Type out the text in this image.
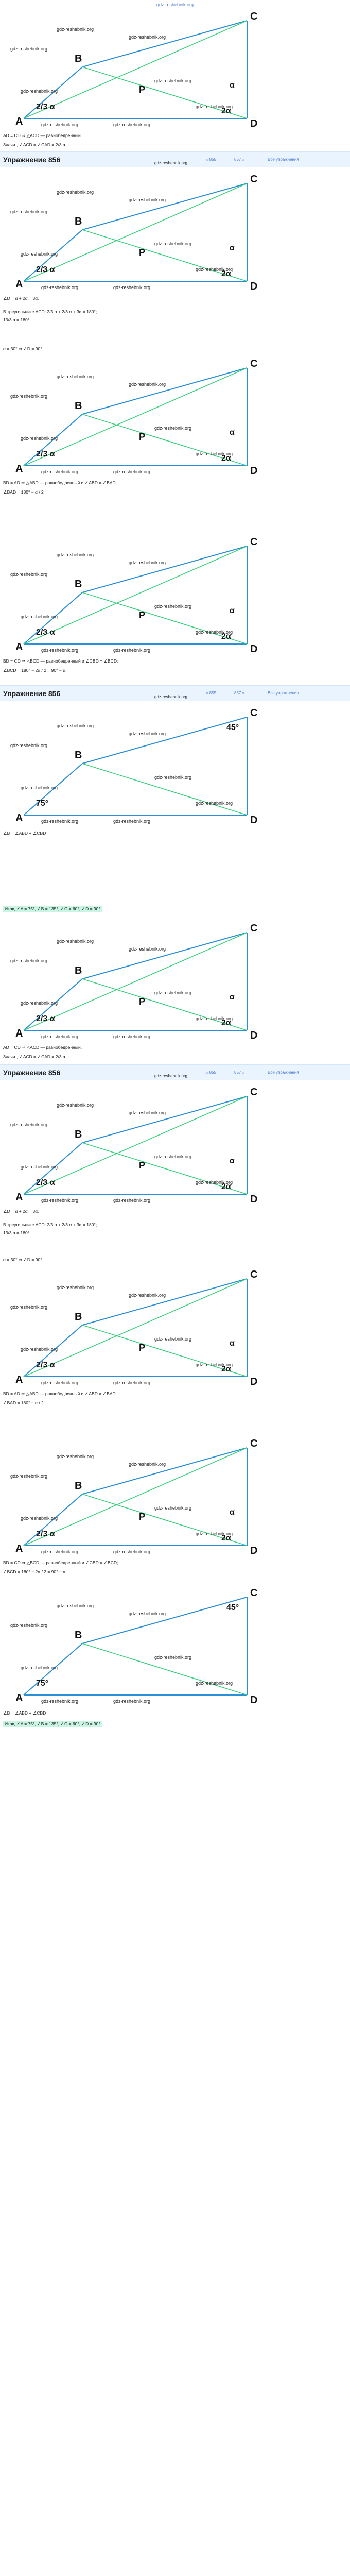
gdz-reshebnik.org
A
B
C
D
P
2/3 α	2α
α
gdz-reshebnik.org
gdz-reshebnik.org
gdz-reshebnik.org
gdz-reshebnik.org
gdz-reshebnik.org
gdz-reshebnik.org
gdz-reshebnik.org	gdz-reshebnik.org
AD = CD ⇒ △ACD — равнобедренный.
Значит, ∠ACD = ∠CAD = 2/3 α
Упражнение 856	« 855	857 »	Все упражнения
gdz-reshebnik.org
A
B
C
D
P
2/3 α	2α
α
gdz-reshebnik.org
gdz-reshebnik.org
gdz-reshebnik.org
gdz-reshebnik.org
gdz-reshebnik.org
gdz-reshebnik.org
gdz-reshebnik.org	gdz-reshebnik.org
∠D = α + 2α = 3α.
В треугольнике ACD: 2/3 α + 2/3 α + 3α = 180°;
13/3 α = 180°;
α = 30° ⇒ ∠D = 90°.
A
B
C
D
P
2/3 α	2α
α
gdz-reshebnik.org
gdz-reshebnik.org
gdz-reshebnik.org
gdz-reshebnik.org
gdz-reshebnik.org
gdz-reshebnik.org
gdz-reshebnik.org	gdz-reshebnik.org
BD = AD ⇒ △ABD — равнобедренный и ∠ABD = ∠BAD.
∠BAD = 180° − α / 2
A
B
C
D
P
2/3 α	2α
α
gdz-reshebnik.org
gdz-reshebnik.org
gdz-reshebnik.org
gdz-reshebnik.org
gdz-reshebnik.org
gdz-reshebnik.org
gdz-reshebnik.org	gdz-reshebnik.org
BD = CD ⇒ △BCD — равнобедренный и ∠CBD = ∠BCD;
∠BCD = 180° − 2α / 2 = 90° − α.
Упражнение 856	« 855	857 »	Все упражнения
gdz-reshebnik.org
A
B
C
D
75°
45°
gdz-reshebnik.org
gdz-reshebnik.org
gdz-reshebnik.org
gdz-reshebnik.org
gdz-reshebnik.org
gdz-reshebnik.org
gdz-reshebnik.org	gdz-reshebnik.org
∠B = ∠ABD + ∠CBD
Итак, ∠A = 75°, ∠B = 135°, ∠C = 60°, ∠D = 90°
A
B
C
D
P
2/3 α	2α
α
gdz-reshebnik.org
gdz-reshebnik.org
gdz-reshebnik.org
gdz-reshebnik.org
gdz-reshebnik.org
gdz-reshebnik.org
gdz-reshebnik.org	gdz-reshebnik.org
AD = CD ⇒ △ACD — равнобедренный.
Значит, ∠ACD = ∠CAD = 2/3 α
Упражнение 856	« 855	857 »	Все упражнения
gdz-reshebnik.org
A
B
C
D
P
2/3 α	2α
α
gdz-reshebnik.org
gdz-reshebnik.org
gdz-reshebnik.org
gdz-reshebnik.org
gdz-reshebnik.org
gdz-reshebnik.org
gdz-reshebnik.org	gdz-reshebnik.org
∠D = α + 2α = 3α.
В треугольнике ACD: 2/3 α + 2/3 α + 3α = 180°;
13/3 α = 180°;
α = 30° ⇒ ∠D = 90°.
A
B
C
D
P
2/3 α	2α
α
gdz-reshebnik.org
gdz-reshebnik.org
gdz-reshebnik.org
gdz-reshebnik.org
gdz-reshebnik.org
gdz-reshebnik.org
gdz-reshebnik.org	gdz-reshebnik.org
BD = AD ⇒ △ABD — равнобедренный и ∠ABD = ∠BAD.
∠BAD = 180° − α / 2
A
B
C
D
P
2/3 α	2α
α
gdz-reshebnik.org
gdz-reshebnik.org
gdz-reshebnik.org
gdz-reshebnik.org
gdz-reshebnik.org
gdz-reshebnik.org
gdz-reshebnik.org	gdz-reshebnik.org
BD = CD ⇒ △BCD — равнобедренный и ∠CBD = ∠BCD;
∠BCD = 180° − 2α / 2 = 90° − α.
A
B
C
D
75°
45°
gdz-reshebnik.org
gdz-reshebnik.org
gdz-reshebnik.org
gdz-reshebnik.org
gdz-reshebnik.org
gdz-reshebnik.org
gdz-reshebnik.org	gdz-reshebnik.org
∠B = ∠ABD + ∠CBD
Итак, ∠A = 75°, ∠B = 135°, ∠C = 60°, ∠D = 90°
